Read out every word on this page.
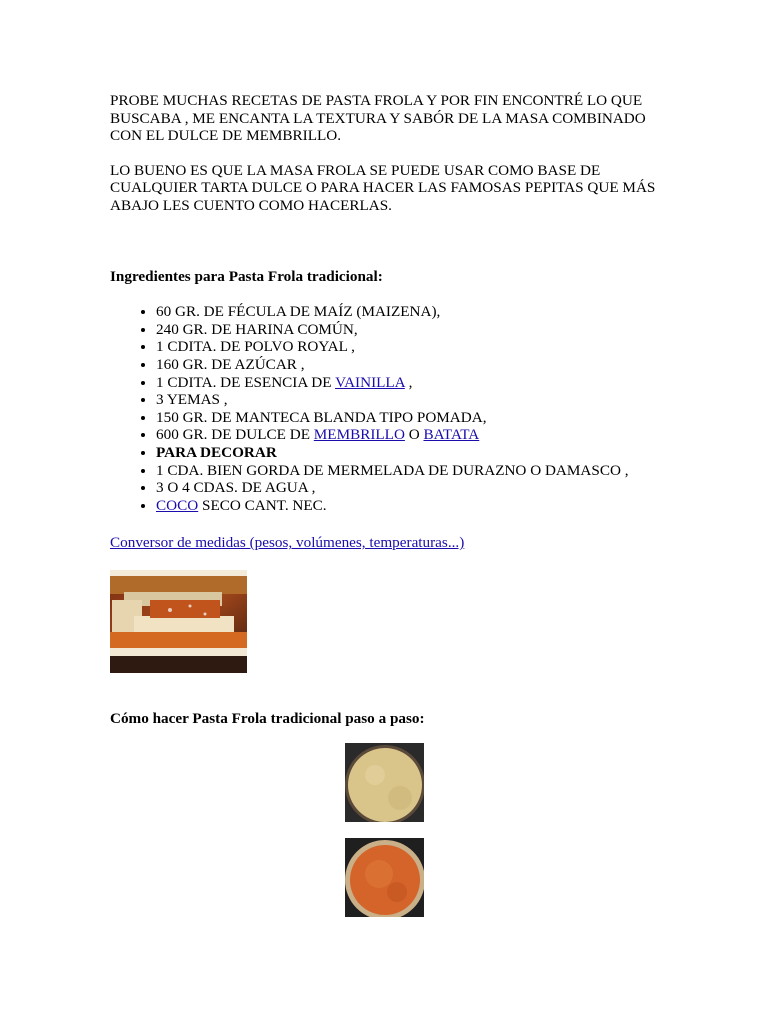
PROBE MUCHAS RECETAS DE PASTA FROLA Y POR FIN ENCONTRÉ LO QUE BUSCABA , ME ENCANTA LA TEXTURA Y SABÓR DE LA MASA COMBINADO CON EL DULCE DE MEMBRILLO.

LO BUENO ES QUE LA MASA FROLA SE PUEDE USAR COMO BASE DE CUALQUIER TARTA DULCE O PARA HACER LAS FAMOSAS PEPITAS QUE MÁS ABAJO LES CUENTO COMO HACERLAS.

Ingredientes para Pasta Frola tradicional:

• 60 GR. DE FÉCULA DE MAÍZ (MAIZENA),
• 240 GR. DE HARINA COMÚN,
• 1 CDITA. DE POLVO ROYAL ,
• 160 GR. DE AZÚCAR ,
• 1 CDITA. DE ESENCIA DE VAINILLA ,
• 3 YEMAS ,
• 150 GR. DE MANTECA BLANDA TIPO POMADA,
• 600 GR. DE DULCE DE MEMBRILLO O BATATA
• PARA DECORAR
• 1 CDA. BIEN GORDA DE MERMELADA DE DURAZNO O DAMASCO ,
• 3 O 4 CDAS. DE AGUA ,
• COCO SECO CANT. NEC.
Conversor de medidas (pesos, volúmenes, temperaturas...)

Cómo hacer Pasta Frola tradicional paso a paso:
